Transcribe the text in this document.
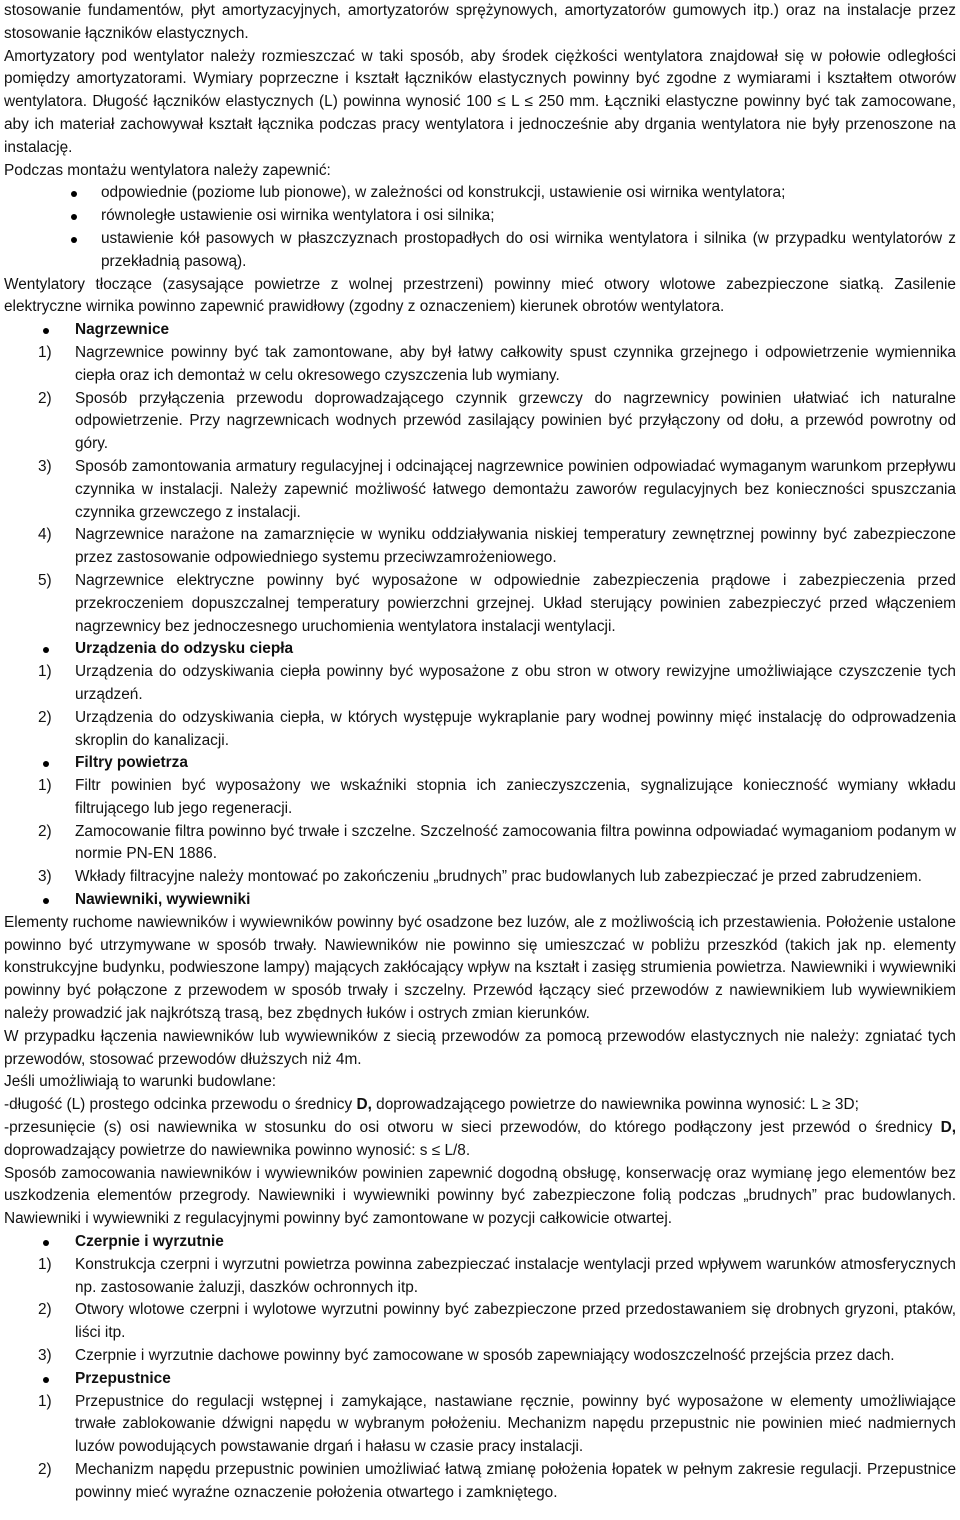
stosowanie fundamentów, płyt amortyzacyjnych, amortyzatorów sprężynowych, amortyzatorów gumowych itp.) oraz na instalacje przez stosowanie łączników elastycznych.

Amortyzatory pod wentylator należy rozmieszczać w taki sposób, aby środek ciężkości wentylatora znajdował się w połowie odległości pomiędzy amortyzatorami. Wymiary poprzeczne i kształt łączników elastycznych powinny być zgodne z wymiarami i kształtem otworów wentylatora. Długość łączników elastycznych (L) powinna wynosić 100 ≤ L ≤ 250 mm. Łączniki elastyczne powinny być tak zamocowane, aby ich materiał zachowywał kształt łącznika podczas pracy wentylatora i jednocześnie aby drgania wentylatora nie były przenoszone na instalację.

Podczas montażu wentylatora należy zapewnić:

odpowiednie (poziome lub pionowe), w zależności od konstrukcji, ustawienie osi wirnika wentylatora;
równoległe ustawienie osi wirnika wentylatora i osi silnika;
ustawienie kół pasowych w płaszczyznach prostopadłych do osi wirnika wentylatora i silnika (w przypadku wentylatorów z przekładnią pasową).

Wentylatory tłoczące (zasysające powietrze z wolnej przestrzeni) powinny mieć otwory wlotowe zabezpieczone siatką. Zasilenie elektryczne wirnika powinno zapewnić prawidłowy (zgodny z oznaczeniem) kierunek obrotów wentylatora.

Nagrzewnice
1) Nagrzewnice powinny być tak zamontowane, aby był łatwy całkowity spust czynnika grzejnego i odpowietrzenie wymiennika ciepła oraz ich demontaż w celu okresowego czyszczenia lub wymiany.
2) Sposób przyłączenia przewodu doprowadzającego czynnik grzewczy do nagrzewnicy powinien ułatwiać ich naturalne odpowietrzenie. Przy nagrzewnicach wodnych przewód zasilający powinien być przyłączony od dołu, a przewód powrotny od góry.
3) Sposób zamontowania armatury regulacyjnej i odcinającej nagrzewnice powinien odpowiadać wymaganym warunkom przepływu czynnika w instalacji. Należy zapewnić możliwość łatwego demontażu zaworów regulacyjnych bez konieczności spuszczania czynnika grzewczego z instalacji.
4) Nagrzewnice narażone na zamarznięcie w wyniku oddziaływania niskiej temperatury zewnętrznej powinny być zabezpieczone przez zastosowanie odpowiedniego systemu przeciwzamrożeniowego.
5) Nagrzewnice elektryczne powinny być wyposażone w odpowiednie zabezpieczenia prądowe i zabezpieczenia przed przekroczeniem dopuszczalnej temperatury powierzchni grzejnej. Układ sterujący powinien zabezpieczyć przed włączeniem nagrzewnicy bez jednoczesnego uruchomienia wentylatora instalacji wentylacji.
Urządzenia do odzysku ciepła
1) Urządzenia do odzyskiwania ciepła powinny być wyposażone z obu stron w otwory rewizyjne umożliwiające czyszczenie tych urządzeń.
2) Urządzenia do odzyskiwania ciepła, w których występuje wykraplanie pary wodnej powinny mięć instalację do odprowadzenia skroplin do kanalizacji.
Filtry powietrza
1) Filtr powinien być wyposażony we wskaźniki stopnia ich zanieczyszczenia, sygnalizujące konieczność wymiany wkładu filtrującego lub jego regeneracji.
2) Zamocowanie filtra powinno być trwałe i szczelne. Szczelność zamocowania filtra powinna odpowiadać wymaganiom podanym w normie PN-EN 1886.
3) Wkłady filtracyjne należy montować po zakończeniu „brudnych” prac budowlanych lub zabezpieczać je przed zabrudzeniem.
Nawiewniki, wywiewniki

Elementy ruchome nawiewników i wywiewników powinny być osadzone bez luzów, ale z możliwością ich przestawienia. Położenie ustalone powinno być utrzymywane w sposób trwały. Nawiewników nie powinno się umieszczać w pobliżu przeszkód (takich jak np. elementy konstrukcyjne budynku, podwieszone lampy) mających zakłócający wpływ na kształt i zasięg strumienia powietrza. Nawiewniki i wywiewniki powinny być połączone z przewodem w sposób trwały i szczelny. Przewód łączący sieć przewodów z nawiewnikiem lub wywiewnikiem należy prowadzić jak najkrótszą trasą, bez zbędnych łuków i ostrych zmian kierunków.

W przypadku łączenia nawiewników lub wywiewników z siecią przewodów za pomocą przewodów elastycznych nie należy: zgniatać tych przewodów, stosować przewodów dłuższych niż 4m.

Jeśli umożliwiają to warunki budowlane:

-długość (L) prostego odcinka przewodu o średnicy D, doprowadzającego powietrze do nawiewnika powinna wynosić: L ≥ 3D;

-przesunięcie (s) osi nawiewnika w stosunku do osi otworu w sieci przewodów, do którego podłączony jest przewód o średnicy D, doprowadzający powietrze do nawiewnika powinno wynosić: s ≤ L/8.

Sposób zamocowania nawiewników i wywiewników powinien zapewnić dogodną obsługę, konserwację oraz wymianę jego elementów bez uszkodzenia elementów przegrody. Nawiewniki i wywiewniki powinny być zabezpieczone folią podczas „brudnych” prac budowlanych. Nawiewniki i wywiewniki z regulacyjnymi powinny być zamontowane w pozycji całkowicie otwartej.

Czerpnie i wyrzutnie
1) Konstrukcja czerpni i wyrzutni powietrza powinna zabezpieczać instalacje wentylacji przed wpływem warunków atmosferycznych np. zastosowanie żaluzji, daszków ochronnych itp.
2) Otwory wlotowe czerpni i wylotowe wyrzutni powinny być zabezpieczone przed przedostawaniem się drobnych gryzoni, ptaków, liści itp.
3) Czerpnie i wyrzutnie dachowe powinny być zamocowane w sposób zapewniający wodoszczelność przejścia przez dach.
Przepustnice
1) Przepustnice do regulacji wstępnej i zamykające, nastawiane ręcznie, powinny być wyposażone w elementy umożliwiające trwałe zablokowanie dźwigni napędu w wybranym położeniu. Mechanizm napędu przepustnic nie powinien mieć nadmiernych luzów powodujących powstawanie drgań i hałasu w czasie pracy instalacji.
2) Mechanizm napędu przepustnic powinien umożliwiać łatwą zmianę położenia łopatek w pełnym zakresie regulacji. Przepustnice powinny mieć wyraźne oznaczenie położenia otwartego i zamkniętego.
